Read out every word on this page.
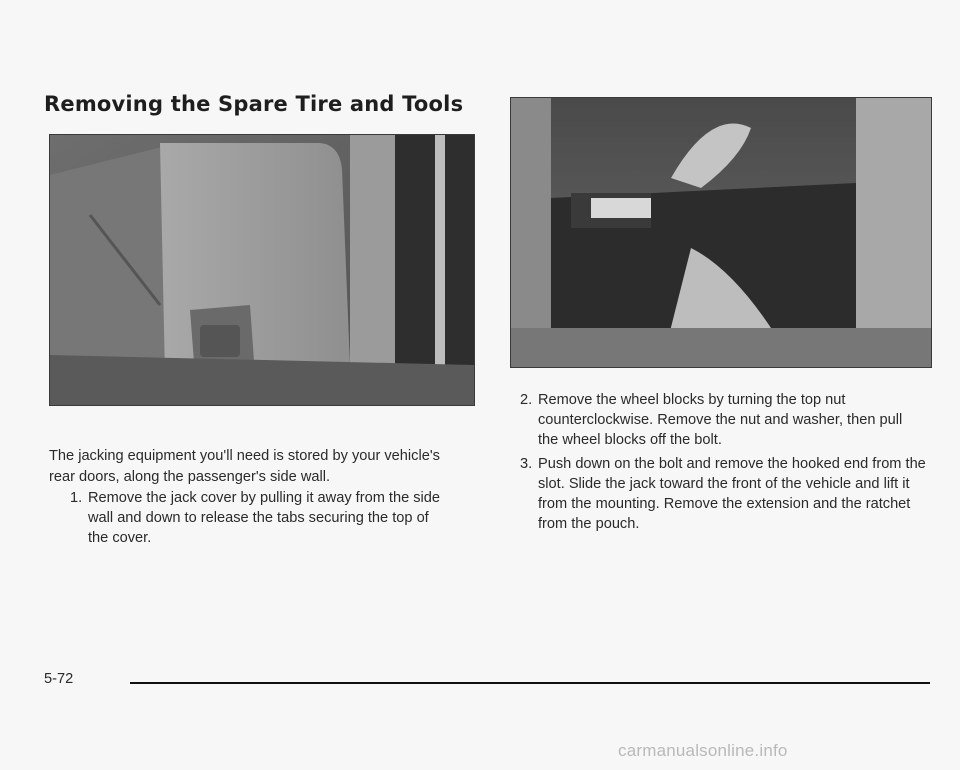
Removing the Spare Tire and Tools

The jacking equipment you'll need is stored by your vehicle's rear doors, along the passenger's side wall.

1. Remove the jack cover by pulling it away from the side wall and down to release the tabs securing the top of the cover.
2. Remove the wheel blocks by turning the top nut counterclockwise. Remove the nut and washer, then pull the wheel blocks off the bolt.
3. Push down on the bolt and remove the hooked end from the slot. Slide the jack toward the front of the vehicle and lift it from the mounting. Remove the extension and the ratchet from the pouch.

5-72

carmanualsonline.info
